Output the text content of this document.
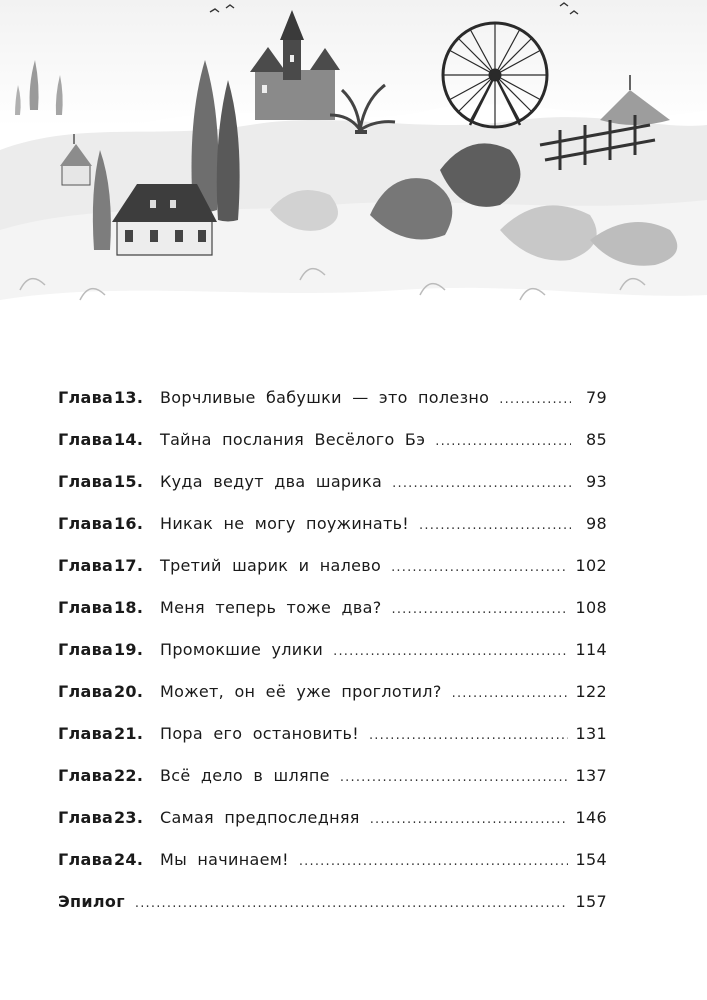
Глава 13.	Ворчливые бабушки — это полезно .....	79
Глава 14.	Тайна послания Весёлого Бэ .....	85
Глава 15.	Куда ведут два шарика .....	93
Глава 16.	Никак не могу поужинать! .....	98
Глава 17.	Третий шарик и налево .....	102
Глава 18.	Меня теперь тоже два? .....	108
Глава 19.	Промокшие улики .....	114
Глава 20.	Может, он её уже проглотил? .....	122
Глава 21.	Пора его остановить! .....	131
Глава 22.	Всё дело в шляпе .....	137
Глава 23.	Самая предпоследняя .....	146
Глава 24.	Мы начинаем! .....	154
Эпилог .....	157
